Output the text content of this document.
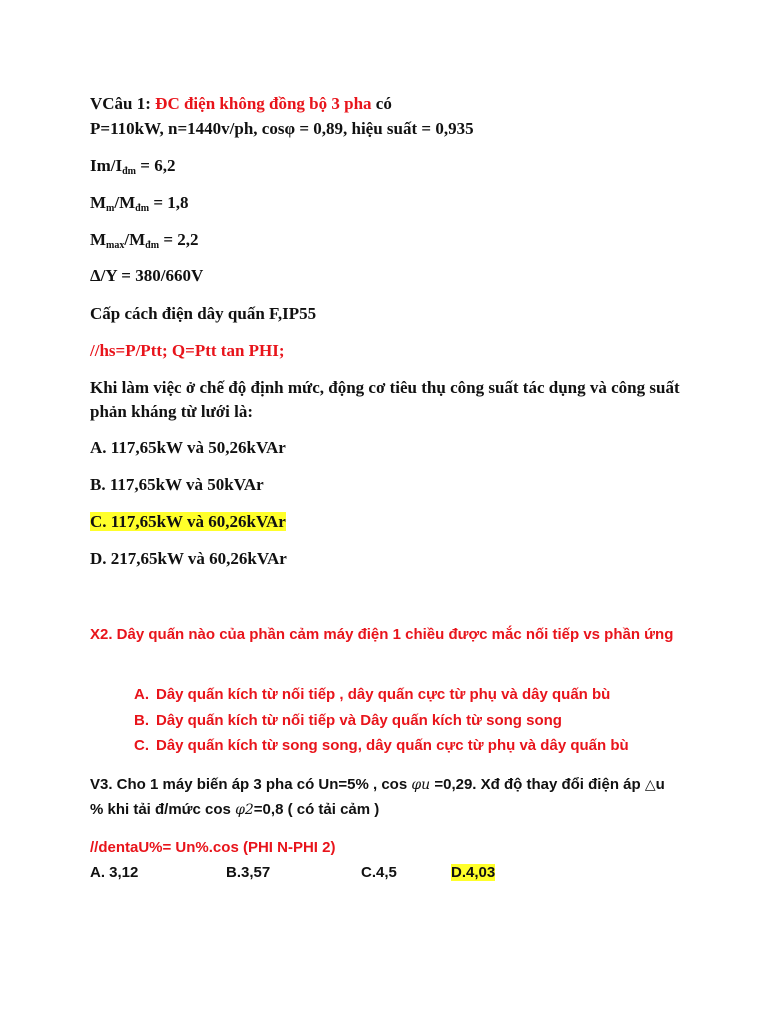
VCâu 1: ĐC điện không đồng bộ 3 pha có
P=110kW, n=1440v/ph, cosφ = 0,89, hiệu suất = 0,935
$Im/I_{đm} = 6,2$
$M_m/M_{đm} = 1,8$
$M_{max}/M_{đm} = 2,2$
Δ/Y = 380/660V
Cấp cách điện dây quấn F,IP55
//hs=P/Ptt; Q=Ptt tan PHI;
Khi làm việc ở chế độ định mức, động cơ tiêu thụ công suất tác dụng và công suất phản kháng từ lưới là:
A. 117,65kW và 50,26kVAr
B. 117,65kW và 50kVAr
C. 117,65kW và 60,26kVAr
D. 217,65kW và 60,26kVAr
X2. Dây quấn nào của phần cảm máy điện 1 chiều được mắc nối tiếp vs phần ứng
A. Dây quấn kích từ nối tiếp , dây quấn cực từ phụ và dây quấn bù
B. Dây quấn kích từ nối tiếp và Dây quấn kích từ song song
C. Dây quấn kích từ song song, dây quấn cực từ phụ và dây quấn bù
V3. Cho 1 máy biến áp 3 pha có Un=5% , cos φu =0,29. Xđ độ thay đổi điện áp △u
% khi tải đ/mức cos φ2=0,8 ( có tải cảm )
//dentaU%= Un%.cos (PHI N-PHI 2)
A. 3,12	B.3,57	C.4,5	D.4,03
